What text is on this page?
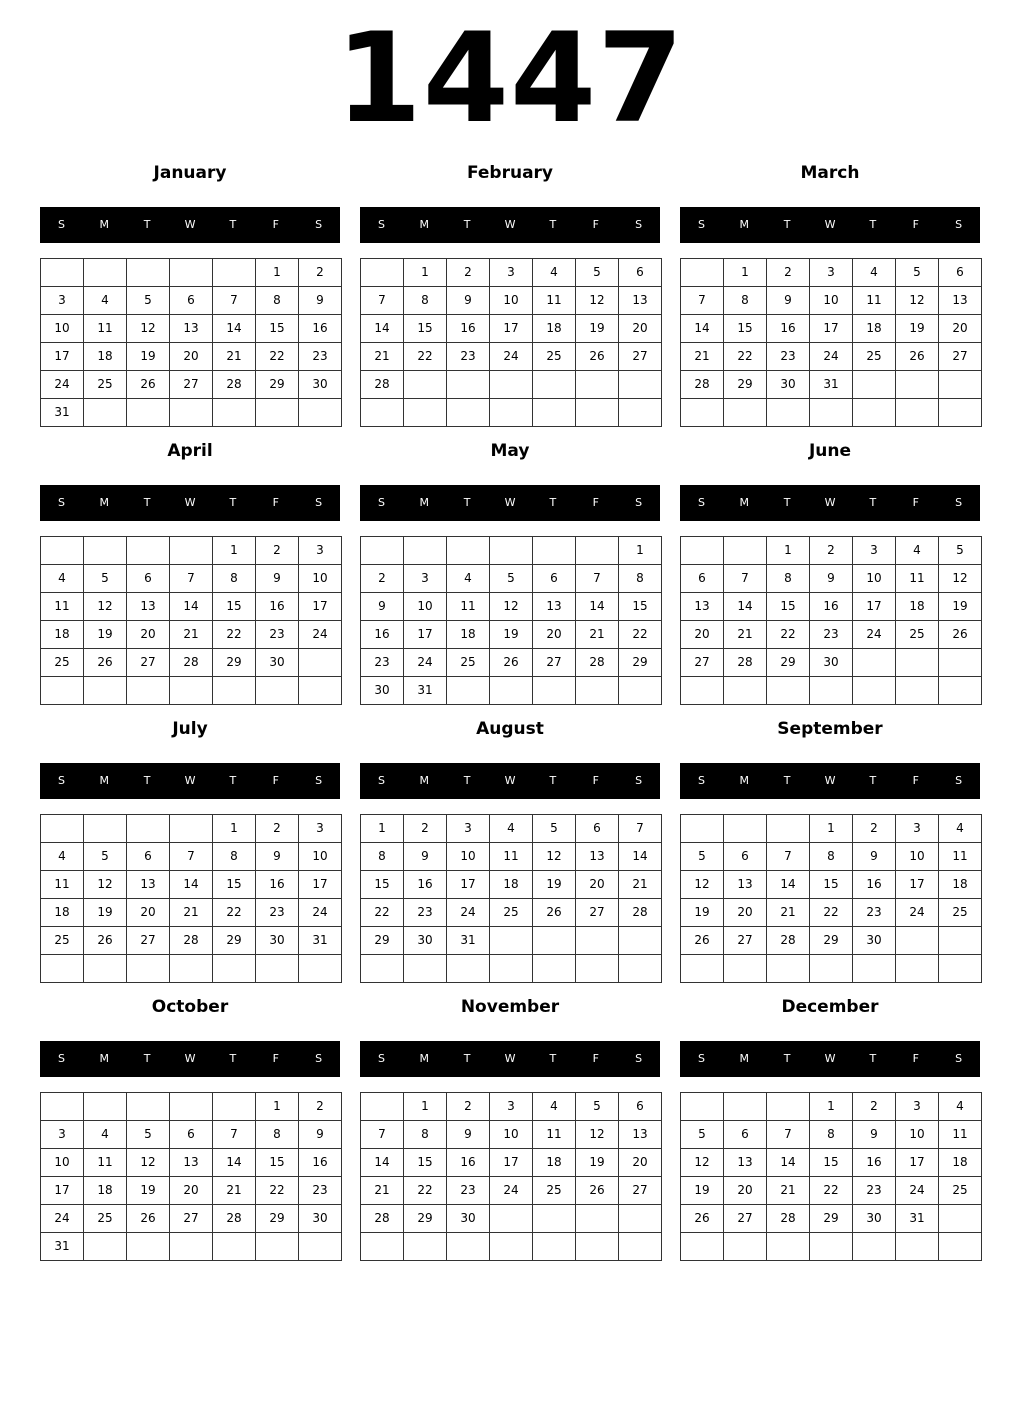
1447
January
S	M	T	W	T	F	S
					1	2
3	4	5	6	7	8	9
10	11	12	13	14	15	16
17	18	19	20	21	22	23
24	25	26	27	28	29	30
31						
February
S	M	T	W	T	F	S
	1	2	3	4	5	6
7	8	9	10	11	12	13
14	15	16	17	18	19	20
21	22	23	24	25	26	27
28						

March
S	M	T	W	T	F	S
	1	2	3	4	5	6
7	8	9	10	11	12	13
14	15	16	17	18	19	20
21	22	23	24	25	26	27
28	29	30	31			

April
S	M	T	W	T	F	S
				1	2	3
4	5	6	7	8	9	10
11	12	13	14	15	16	17
18	19	20	21	22	23	24
25	26	27	28	29	30	

May
S	M	T	W	T	F	S
						1
2	3	4	5	6	7	8
9	10	11	12	13	14	15
16	17	18	19	20	21	22
23	24	25	26	27	28	29
30	31					
June
S	M	T	W	T	F	S
		1	2	3	4	5
6	7	8	9	10	11	12
13	14	15	16	17	18	19
20	21	22	23	24	25	26
27	28	29	30			

July
S	M	T	W	T	F	S
				1	2	3
4	5	6	7	8	9	10
11	12	13	14	15	16	17
18	19	20	21	22	23	24
25	26	27	28	29	30	31

August
S	M	T	W	T	F	S
1	2	3	4	5	6	7
8	9	10	11	12	13	14
15	16	17	18	19	20	21
22	23	24	25	26	27	28
29	30	31				

September
S	M	T	W	T	F	S
			1	2	3	4
5	6	7	8	9	10	11
12	13	14	15	16	17	18
19	20	21	22	23	24	25
26	27	28	29	30		

October
S	M	T	W	T	F	S
					1	2
3	4	5	6	7	8	9
10	11	12	13	14	15	16
17	18	19	20	21	22	23
24	25	26	27	28	29	30
31						
November
S	M	T	W	T	F	S
	1	2	3	4	5	6
7	8	9	10	11	12	13
14	15	16	17	18	19	20
21	22	23	24	25	26	27
28	29	30				

December
S	M	T	W	T	F	S
			1	2	3	4
5	6	7	8	9	10	11
12	13	14	15	16	17	18
19	20	21	22	23	24	25
26	27	28	29	30	31	
